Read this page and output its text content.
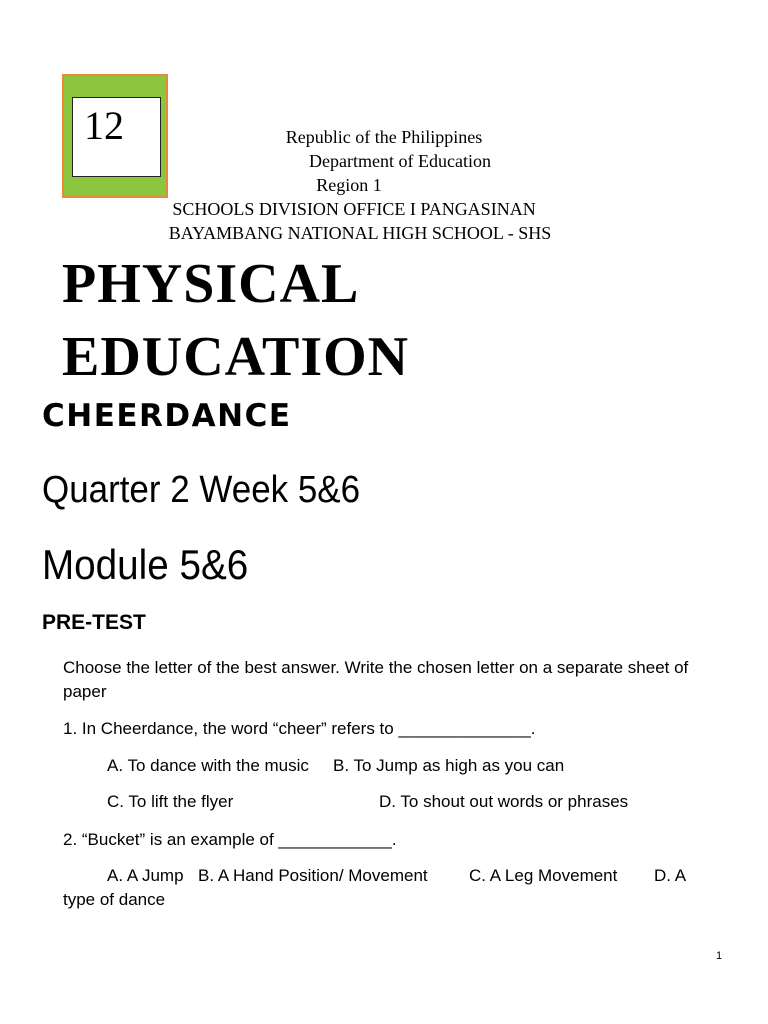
12	Republic of the Philippines
Department of Education
Region 1
SCHOOLS DIVISION OFFICE I PANGASINAN
BAYAMBANG NATIONAL HIGH SCHOOL - SHS
PHYSICAL
EDUCATION
CHEERDANCE
Quarter 2 Week 5&6
Module 5&6
PRE-TEST
Choose the letter of the best answer. Write the chosen letter on a separate sheet of paper
1. In Cheerdance, the word “cheer” refers to ______________.
A. To dance with the music B. To Jump as high as you can
C. To lift the flyer	D. To shout out words or phrases
2. “Bucket” is an example of ____________.
A. A Jump B. A Hand Position/ Movement C. A Leg Movement D. A
type of dance
1
